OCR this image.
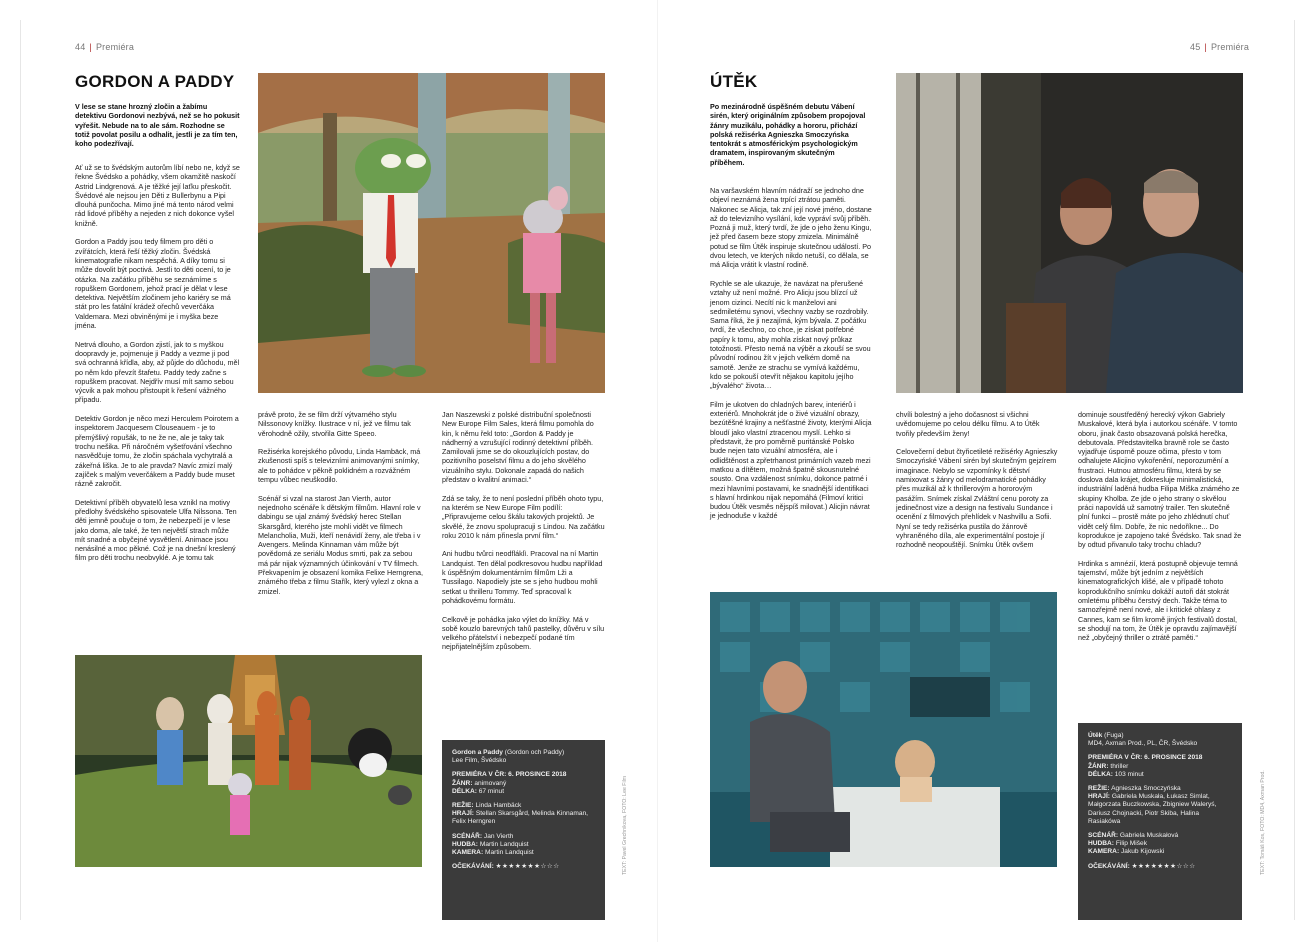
44 | Premiéra
GORDON A PADDY

V lese se stane hrozný zločin a žabímu detektivu Gordonovi nezbývá, než se ho pokusit vyřešit. Nebude na to ale sám. Rozhodne se totiž povolat posilu a odhalit, jestli je za tím ten, koho podezřívají.

Ať už se to švédským autorům líbí nebo ne, když se řekne Švédsko a pohádky, všem okamžitě naskočí Astrid Lindgrenová. A je těžké její laťku přeskočit. Švédové ale nejsou jen Děti z Bullerbynu a Pipi dlouhá punčocha. Mimo jiné má tento národ velmi rád lidové příběhy a nejeden z nich dokonce vyšel knižně.

Gordon a Paddy jsou tedy filmem pro děti o zvířátcích, která řeší těžký zločin. Švédská kinematografie nikam nespěchá. A díky tomu si může dovolit být poctivá. Jestli to děti ocení, to je otázka. Na začátku příběhu se seznámíme s ropuškem Gordonem, jehož prací je dělat v lese detektiva. Největším zločinem jeho kariéry se má stát pro les fatální krádež ořechů veverčáka Valdemara. Mezi obviněnými je i myška beze jména.

Netrvá dlouho, a Gordon zjistí, jak to s myškou doopravdy je, pojmenuje ji Paddy a vezme ji pod svá ochranná křídla, aby, až půjde do důchodu, měl po něm kdo převzít štafetu. Paddy tedy začne s ropuškem pracovat. Nejdřív musí mít samo sebou výcvik a pak mohou přistoupit k řešení vážného případu.

Detektiv Gordon je něco mezi Herculem Poirotem a inspektorem Jacquesem Clouseauem - je to přemýšlivý ropušák, to ne že ne, ale je taky tak trochu nešika. Při náročném vyšetřování všechno nasvědčuje tomu, že zločin spáchala vychytralá a zákeřná liška. Je to ale pravda? Navíc zmizí malý zajíček s malým veverčákem a Paddy bude muset rázně zakročit.

Detektivní příběh obyvatelů lesa vznikl na motivy předlohy švédského spisovatele Ulfa Nilssona. Ten děti jemně poučuje o tom, že nebezpečí je v lese jako doma, ale také, že ten největší strach může mít snadné a obyčejné vysvětlení. Animace jsou nenásilné a moc pěkné. Což je na dnešní kreslený film pro děti trochu neobvyklé. A je tomu tak

právě proto, že se film drží výtvarného stylu Nilssonovy knížky. Ilustrace v ní, jež ve filmu tak věrohodně ožily, stvořila Gitte Speeo.

Režisérka korejského původu, Linda Hambäck, má zkušenosti spíš s televizními animovanými snímky, ale to pohádce v pěkně poklidném a rozvážném tempu vůbec neuškodilo.

Scénář si vzal na starost Jan Vierth, autor nejednoho scénáře k dětským filmům. Hlavní role v dabingu se ujal známý švédský herec Stellan Skarsgård, kterého jste mohli vidět ve filmech Melancholia, Muži, kteří nenávidí ženy, ale třeba i v Avengers. Melinda Kinnaman vám může být povědomá ze seriálu Modus smrti, pak za sebou má pár nijak významných účinkování v TV filmech. Překvapením je obsazení komika Felixe Herngrena, známého třeba z filmu Stařík, který vylezl z okna a zmizel.

Jan Naszewski z polské distribuční společnosti New Europe Film Sales, která filmu pomohla do kin, k němu řekl toto: „Gordon & Paddy je nádherný a vzrušující rodinný detektivní příběh. Zamilovali jsme se do okouzlujících postav, do pozitivního poselství filmu a do jeho skvělého vizuálního stylu. Dokonale zapadá do našich představ o kvalitní animaci.“

Zdá se taky, že to není poslední příběh ohoto typu, na kterém se New Europe Film podílí: „Připravujeme celou škálu takových projektů. Je skvělé, že znovu spolupracuji s Lindou. Na začátku roku 2010 k nám přinesla první film.“

Ani hudbu tvůrci neodfláklì. Pracoval na ní Martin Landquist. Ten dělal podkresovou hudbu například k úspěšným dokumentárním filmům Lži a Tussilago. Napodiely jste se s jeho hudbou mohli setkat u thrilleru Tommy. Teď spracoval k pohádkovému formátu.

Celkově je pohádka jako výlet do knížky. Má v sobě kouzlo barevných tahů pastelky, důvěru v sílu velkého přátelství i nebezpečí podané tím nejpřijatelnějším způsobem.

Gordon a Paddy (Gordon och Paddy)
Lee Film, Švédsko
PREMIÉRA V ČR: 6. PROSINCE 2018
ŽÁNR: animovaný
DÉLKA: 67 minut
REŽIE: Linda Hambäck
HRAJÍ: Stellan Skarsgård, Melinda Kinnaman, Felix Herngren
SCÉNÁŘ: Jan Vierth
HUDBA: Martin Landquist
KAMERA: Martin Landquist
OČEKÁVÁNÍ: ★★★★★★★☆☆☆	TEXT: Pavel Grechnikova, FOTO: Lee Film
45 | Premiéra
ÚTĚK

Po mezinárodně úspěšném debutu Vábení sirén, který originálním způsobem propojoval žánry muzikálu, pohádky a hororu, přichází polská režisérka Agnieszka Smoczyńska tentokrát s atmosférickým psychologickým dramatem, inspirovaným skutečným příběhem.

Na varšavském hlavním nádraží se jednoho dne objeví neznámá žena trpící ztrátou paměti. Nakonec se Alicja, tak zní její nové jméno, dostane až do televizního vysílání, kde vypráví svůj příběh. Pozná ji muž, který tvrdí, že jde o jeho ženu Kingu, jež před časem beze stopy zmizela. Minimálně potud se film Útěk inspiruje skutečnou událostí. Po dvou letech, ve kterých nikdo netuší, co dělala, se má Alicja vrátit k vlastní rodině.

Rychle se ale ukazuje, že navázat na přerušené vztahy už není možné. Pro Alicju jsou blízcí už jenom cizinci. Necítí nic k manželovi ani sedmiletému synovi, všechny vazby se rozdrobily. Sama říká, že ji nezajímá, kým bývala. Z počátku tvrdí, že všechno, co chce, je získat potřebné papíry k tomu, aby mohla získat nový průkaz totožnosti. Přesto nemá na výběr a zkouší se svou původní rodinou žít v jejich velkém domě na samotě. Jenže ze strachu se vymívá každému, kdo se pokouší otevřít nějakou kapitolu jejího „bývalého“ života…

Film je ukotven do chladných barev, interiérů i exteriérů. Mnohokrát jde o živé vizuální obrazy, bezútěšné krajiny a nešťastné životy, kterými Alicja bloudí jako vlastní ztracenou myslí. Lehko si představit, že pro poměrně puritánské Polsko bude nejen tato vizuální atmosféra, ale i odlidštěnost a zpřetrhanost primárních vazeb mezi matkou a dítětem, možná špatně skousnutelné sousto. Ona vzdálenost snímku, dokonce patrné i mezi hlavními postavami, ke snadnější identifikaci s hlavní hrdinkou nijak nepomáhá (Filmoví kritici budou Útěk vesměs nějspíš milovat.) Alicjin návrat je jednoduše v každé

chvíli bolestný a jeho dočasnost si všichni uvědomujeme po celou délku filmu. A to Útěk tvořily především ženy!

Celovečerní debut čtyřicetileté režisérky Agnieszky Smoczyńské Vábení sirén byl skutečným gejzírem imaginace. Nebylo se vzpomínky k dětství namixovat s žánry od melodramatické pohádky přes muzikál až k thrillerovým a hororovým pasážím. Snímek získal Zvláštní cenu poroty za jedinečnost vize a design na festivalu Sundance i ocenění z filmových přehlídek v Nashvillu a Sofii. Nyní se tedy režisérka pustila do žánrově vyhraněného díla, ale experimentální postoje jí rozhodně neopouštějí. Snímku Útěk ovšem

dominuje soustředěný herecký výkon Gabriely Muskałové, která byla i autorkou scénáře. V tomto oboru, jinak často obsazovaná polská herečka, debutovala. Představitelka bravně role se často vyjadřuje úsporně pouze očima, přesto v tom odhalujete Alicjino vykořenění, neporozumění a frustraci. Hutnou atmosféru filmu, která by se doslova dala krájet, dokresluje minimalistická, industriální laděná hudba Filipa Miška známého ze skupiny Kholba. Ze jde o jeho strany o skvělou práci napovídá už samotný trailer. Ten skutečně plní funkci – prostě máte po jeho zhlédnutí chuť vidět celý film. Dobře, že nic nedoříkne... Do koprodukce je zapojeno také Švédsko. Tak snad že by odtud přivanulo taky trochu chladu?

Hrdinka s amnézií, která postupně objevuje temná tajemství, může být jedním z největších kinematografických klišé, ale v případě tohoto koprodukčního snímku dokáží autoři dát stokrát omletému příběhu čerstvý dech. Takže téma to samozřejmě není nové, ale i kritické ohlasy z Cannes, kam se film kromě jiných festivalů dostal, se shodují na tom, že Útěk je opravdu zajímavější než „obyčejný thriller o ztrátě paměti.“

Útěk (Fuga)
MD4, Axman Prod., PL, ČR, Švédsko
PREMIÉRA V ČR: 6. PROSINCE 2018
ŽÁNR: thriller
DÉLKA: 103 minut
REŽIE: Agnieszka Smoczyńska
HRAJÍ: Gabriela Muskała, Łukasz Simlat, Małgorzata Buczkowska, Zbigniew Waleryś, Dariusz Chojnacki, Piotr Skiba, Halina Rasiakówa
SCÉNÁŘ: Gabriela Muskałová
HUDBA: Filip Mišek
KAMERA: Jakub Kijowski
OČEKÁVÁNÍ: ★★★★★★★☆☆☆	TEXT: Tomáš Kos, FOTO: MD4, Axman Prod.
